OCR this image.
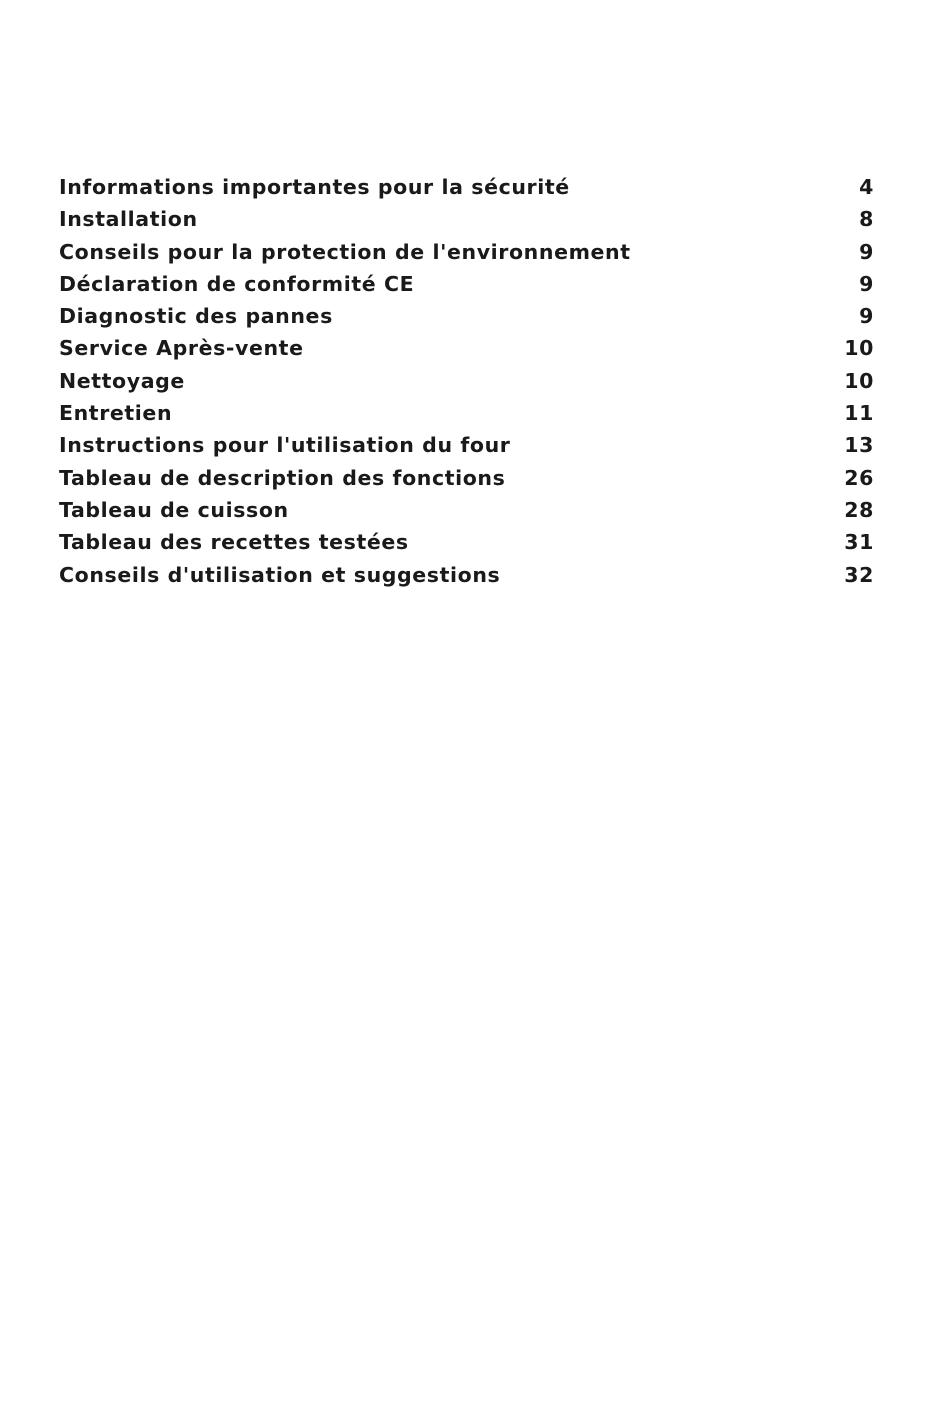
Informations importantes pour la sécurité	4
Installation	8
Conseils pour la protection de l'environnement	9
Déclaration de conformité CE	9
Diagnostic des pannes	9
Service Après-vente	10
Nettoyage	10
Entretien	11
Instructions pour l'utilisation du four	13
Tableau de description des fonctions	26
Tableau de cuisson	28
Tableau des recettes testées	31
Conseils d'utilisation et suggestions	32
